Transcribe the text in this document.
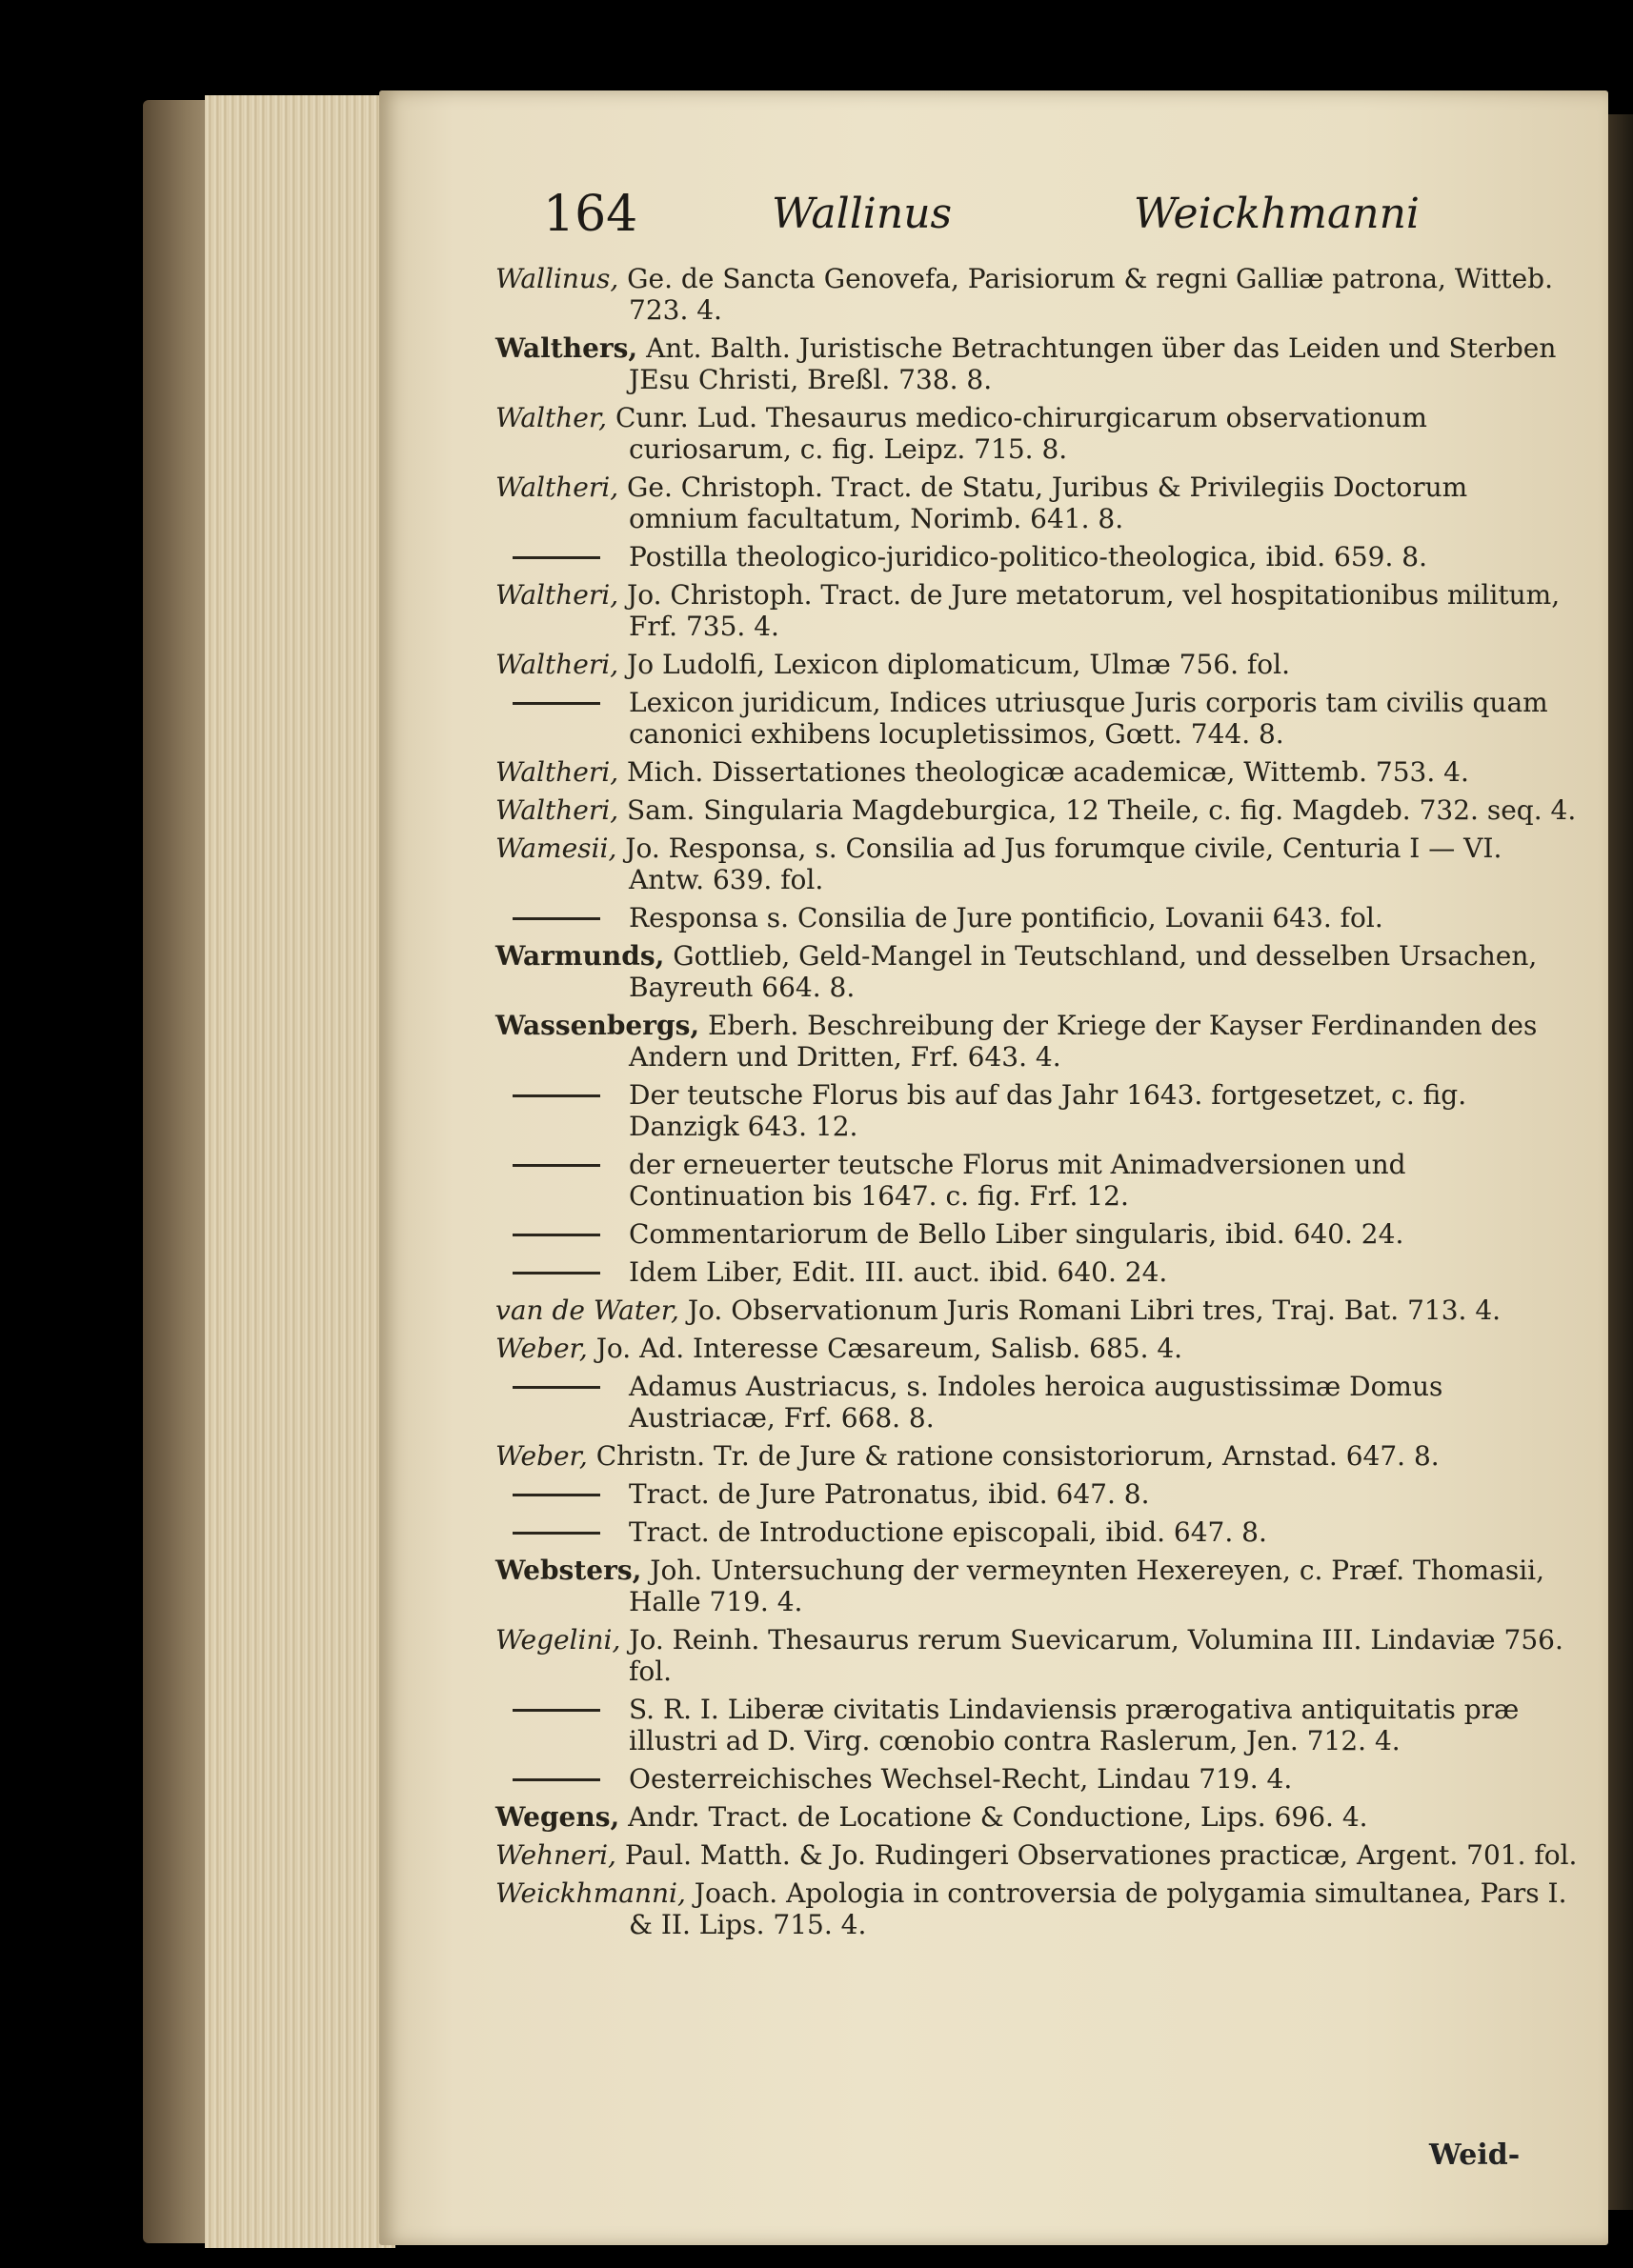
164	Wallinus	Weickhmanni

Wallinus, Ge. de Sancta Genovefa, Parisiorum & regni Galliæ patrona, Witteb. 723. 4.

Walthers, Ant. Balth. Juristische Betrachtungen über das Leiden und Sterben JEsu Christi, Breßl. 738. 8.

Walther, Cunr. Lud. Thesaurus medico-chirurgicarum observationum curiosarum, c. fig. Leipz. 715. 8.

Waltheri, Ge. Christoph. Tract. de Statu, Juribus & Privilegiis Doctorum omnium facultatum, Norimb. 641. 8.

Postilla theologico-juridico-politico-theologica, ibid. 659. 8.

Waltheri, Jo. Christoph. Tract. de Jure metatorum, vel hospitationibus militum, Frf. 735. 4.

Waltheri, Jo Ludolfi, Lexicon diplomaticum, Ulmæ 756. fol.

Lexicon juridicum, Indices utriusque Juris corporis tam civilis quam canonici exhibens locupletissimos, Gœtt. 744. 8.

Waltheri, Mich. Dissertationes theologicæ academicæ, Wittemb. 753. 4.

Waltheri, Sam. Singularia Magdeburgica, 12 Theile, c. fig. Magdeb. 732. seq. 4.

Wamesii, Jo. Responsa, s. Consilia ad Jus forumque civile, Centuria I — VI. Antw. 639. fol.

Responsa s. Consilia de Jure pontificio, Lovanii 643. fol.

Warmunds, Gottlieb, Geld-Mangel in Teutschland, und desselben Ursachen, Bayreuth 664. 8.

Wassenbergs, Eberh. Beschreibung der Kriege der Kayser Ferdinanden des Andern und Dritten, Frf. 643. 4.

Der teutsche Florus bis auf das Jahr 1643. fortgesetzet, c. fig. Danzigk 643. 12.

der erneuerter teutsche Florus mit Animadversionen und Continuation bis 1647. c. fig. Frf. 12.

Commentariorum de Bello Liber singularis, ibid. 640. 24.

Idem Liber, Edit. III. auct. ibid. 640. 24.

van de Water, Jo. Observationum Juris Romani Libri tres, Traj. Bat. 713. 4.

Weber, Jo. Ad. Interesse Cæsareum, Salisb. 685. 4.

Adamus Austriacus, s. Indoles heroica augustissimæ Domus Austriacæ, Frf. 668. 8.

Weber, Christn. Tr. de Jure & ratione consistoriorum, Arnstad. 647. 8.

Tract. de Jure Patronatus, ibid. 647. 8.

Tract. de Introductione episcopali, ibid. 647. 8.

Websters, Joh. Untersuchung der vermeynten Hexereyen, c. Præf. Thomasii, Halle 719. 4.

Wegelini, Jo. Reinh. Thesaurus rerum Suevicarum, Volumina III. Lindaviæ 756. fol.

S. R. I. Liberæ civitatis Lindaviensis prærogativa antiquitatis præ illustri ad D. Virg. cœnobio contra Raslerum, Jen. 712. 4.

Oesterreichisches Wechsel-Recht, Lindau 719. 4.

Wegens, Andr. Tract. de Locatione & Conductione, Lips. 696. 4.

Wehneri, Paul. Matth. & Jo. Rudingeri Observationes practicæ, Argent. 701. fol.

Weickhmanni, Joach. Apologia in controversia de polygamia simultanea, Pars I. & II. Lips. 715. 4.

Weid-
